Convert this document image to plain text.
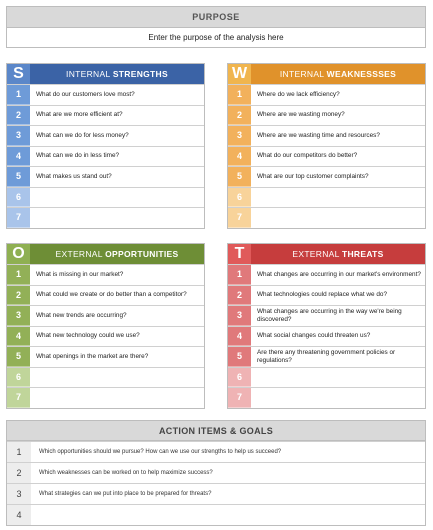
PURPOSE
Enter the purpose of the analysis here
S	INTERNAL STRENGTHS
1	What do our customers love most?
2	What are we more efficient at?
3	What can we do for less money?
4	What can we do in less time?
5	What makes us stand out?
6
7
W	INTERNAL WEAKNESSSES
1	Where do we lack efficiency?
2	Where are we wasting money?
3	Where are we wasting time and resources?
4	What do our competitors do better?
5	What are our top customer complaints?
6
7
O	EXTERNAL OPPORTUNITIES
1	What is missing in our market?
2	What could we create or do better than a competitor?
3	What new trends are occurring?
4	What new technology could we use?
5	What openings in the market are there?
6
7
T	EXTERNAL THREATS
1	What changes are occurring in our market's environment?
2	What technologies could replace what we do?
3	What changes are occurring in the way we're being discovered?
4	What social changes could threaten us?
5	Are there any threatening government policies or regulations?
6
7
ACTION ITEMS & GOALS
1	Which opportunities should we pursue? How can we use our strengths to help us succeed?
2	Which weaknesses can be worked on to help maximize success?
3	What strategies can we put into place to be prepared for threats?
4
